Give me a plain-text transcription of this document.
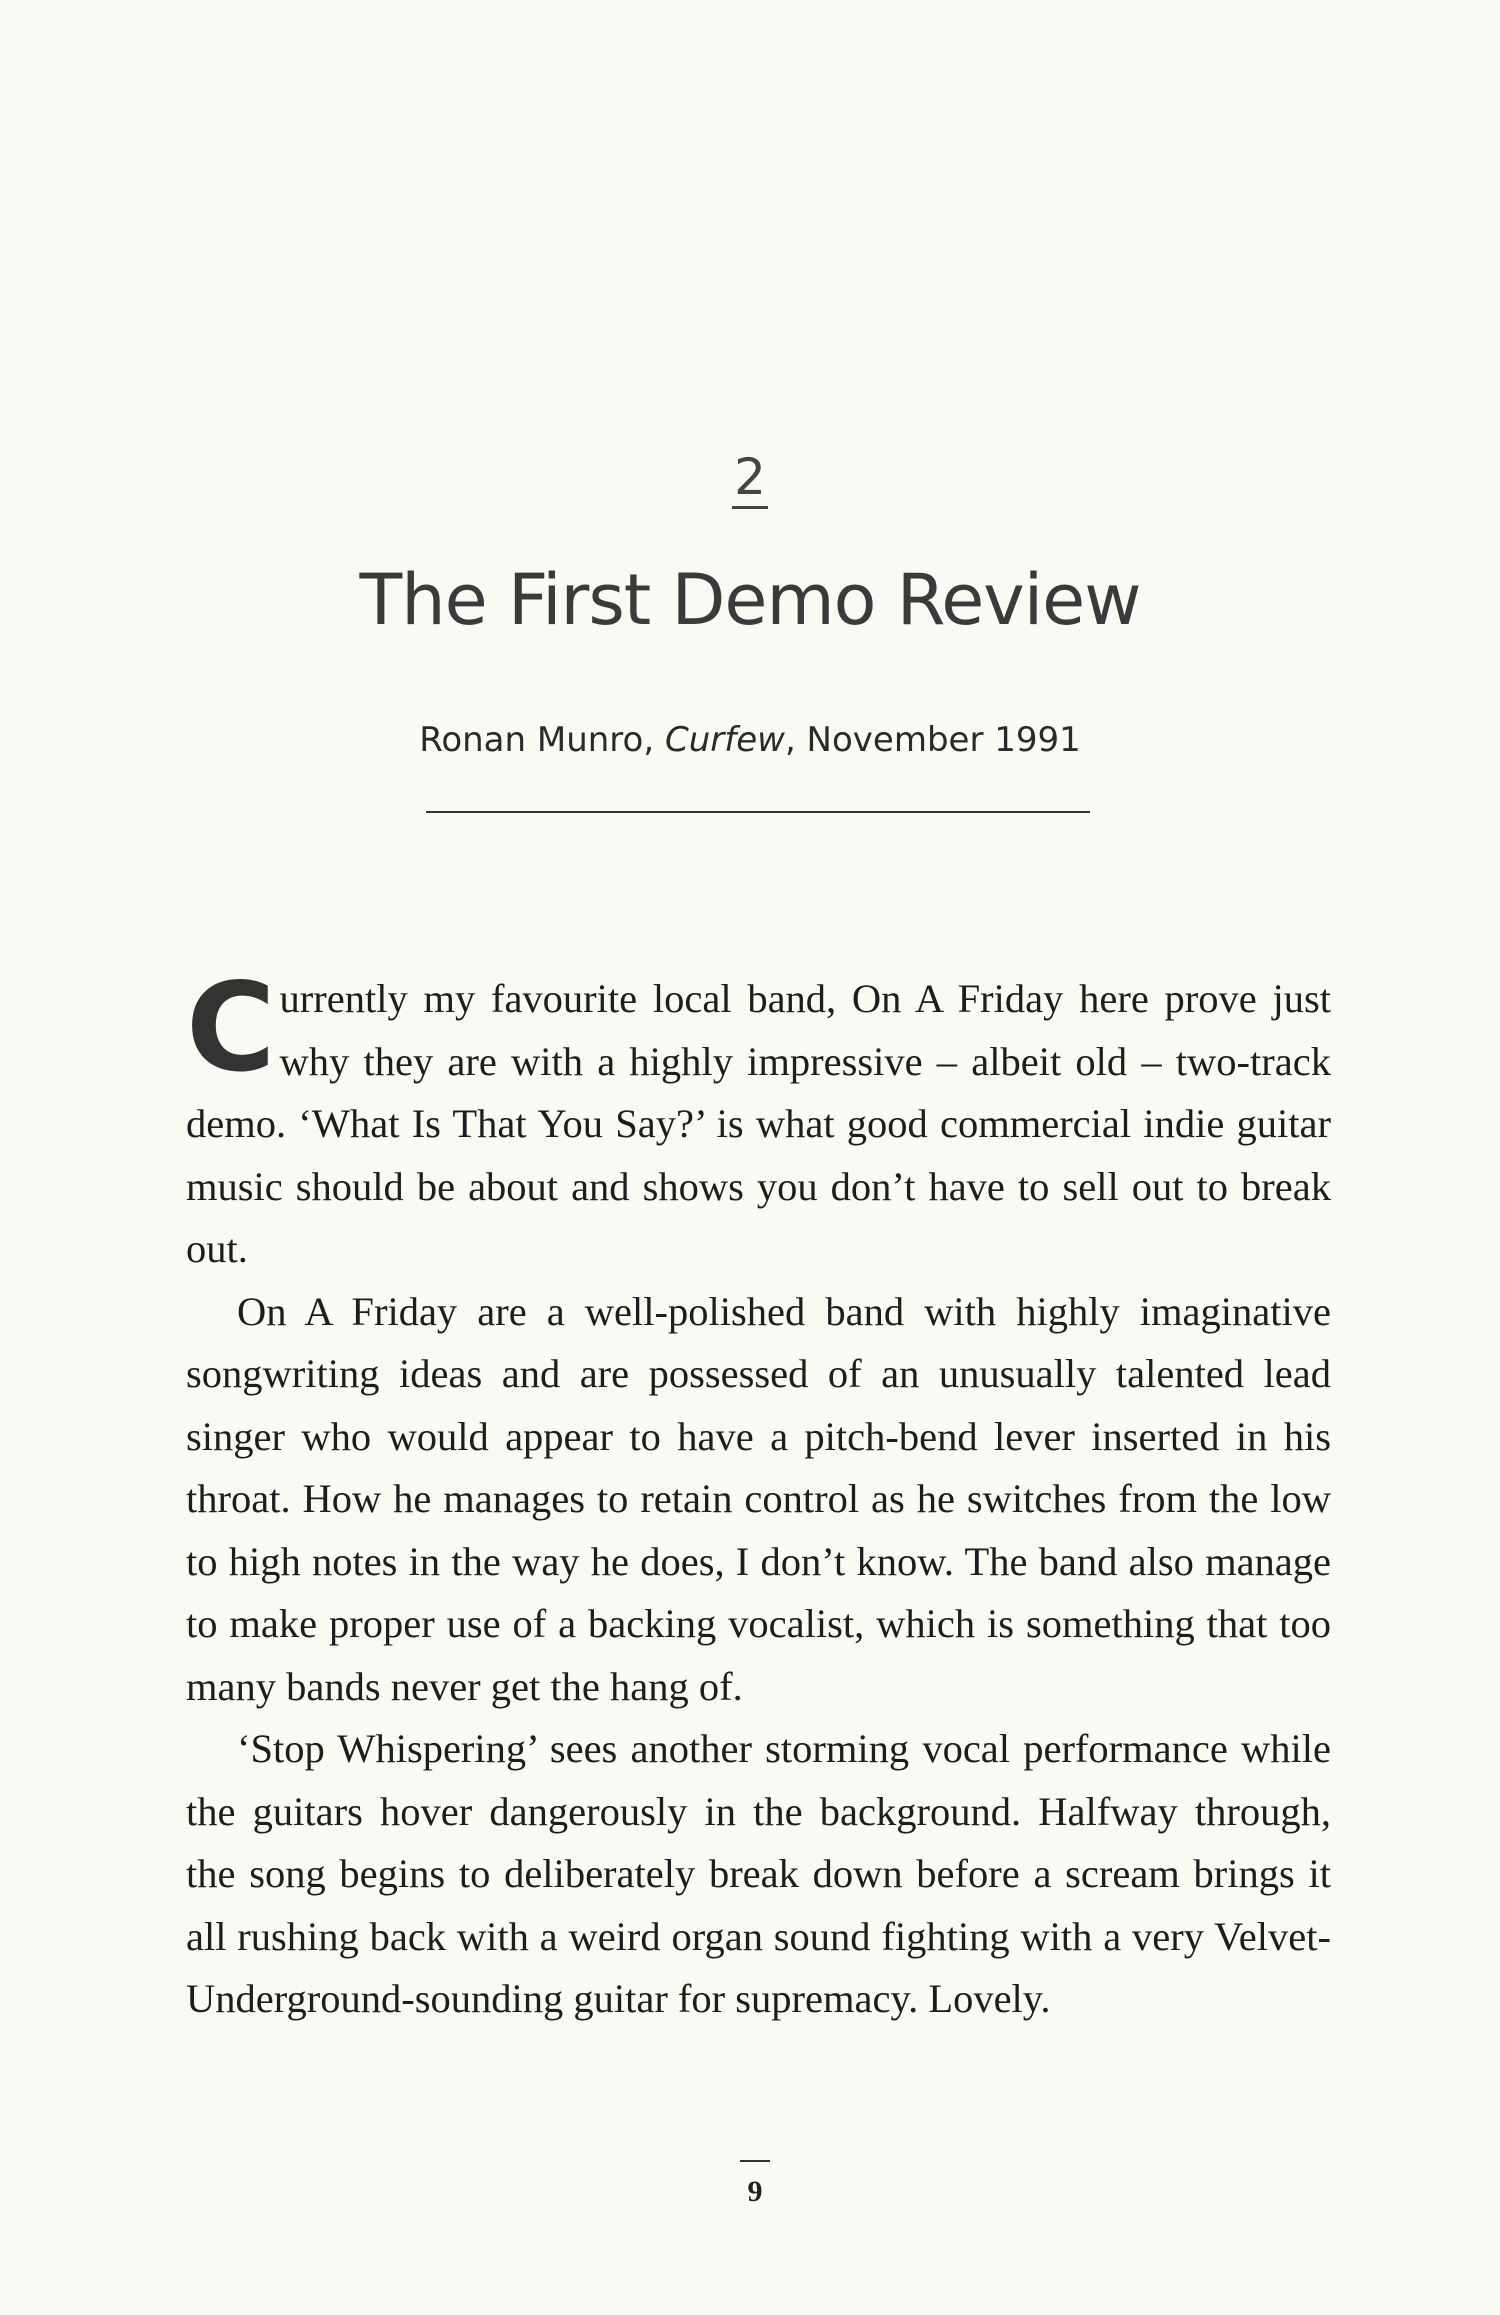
2
The First Demo Review
Ronan Munro, Curfew, November 1991

Currently my favourite local band, On A Friday here prove just why they are with a highly impressive – albeit old – two-track demo. ‘What Is That You Say?’ is what good commercial indie guitar music should be about and shows you don’t have to sell out to break out.

On A Friday are a well-polished band with highly imaginative songwriting ideas and are possessed of an unusually talented lead singer who would appear to have a pitch-bend lever inserted in his throat. How he manages to retain control as he switches from the low to high notes in the way he does, I don’t know. The band also manage to make proper use of a backing vocalist, which is something that too many bands never get the hang of.

‘Stop Whispering’ sees another storming vocal performance while the guitars hover dangerously in the background. Halfway through, the song begins to deliberately break down before a scream brings it all rushing back with a weird organ sound fighting with a very Velvet-Underground-sounding guitar for supremacy. Lovely.

9
